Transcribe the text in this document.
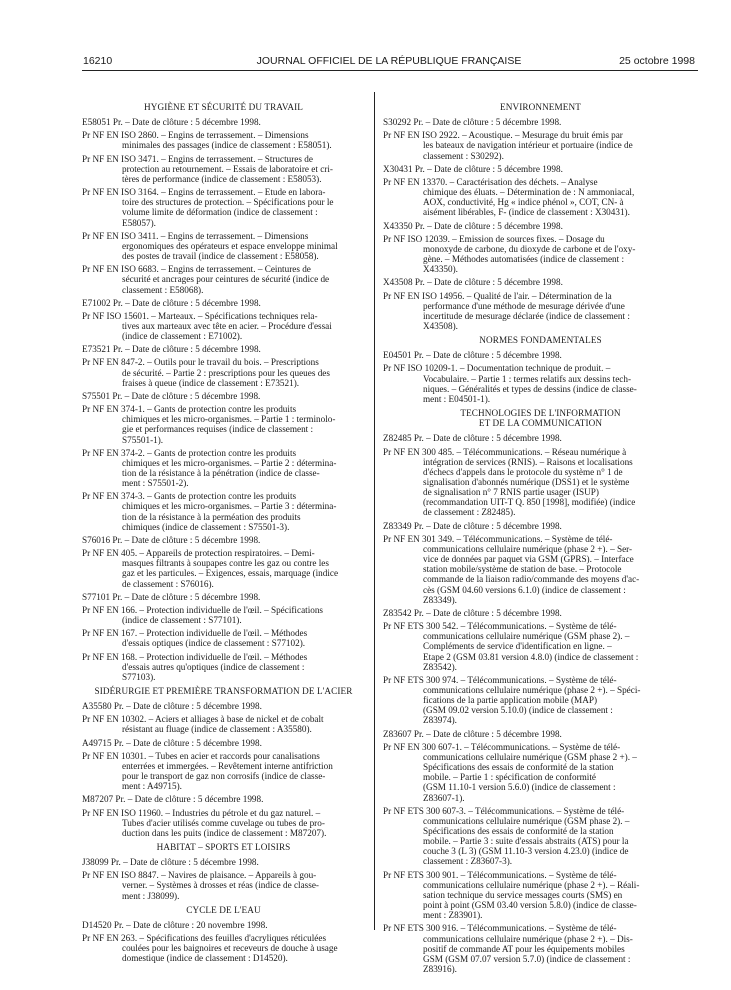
16210	JOURNAL OFFICIEL DE LA RÉPUBLIQUE FRANÇAISE	25 octobre 1998
HYGIÈNE ET SÉCURITÉ DU TRAVAIL
E58051 Pr. – Date de clôture : 5 décembre 1998.
Pr NF EN ISO 2860. – Engins de terrassement. – Dimensions
minimales des passages (indice de classement : E58051).
Pr NF EN ISO 3471. – Engins de terrassement. – Structures de
protection au retournement. – Essais de laboratoire et cri-
tères de performance (indice de classement : E58053).
Pr NF EN ISO 3164. – Engins de terrassement. – Etude en labora-
toire des structures de protection. – Spécifications pour le
volume limite de déformation (indice de classement :
E58057).
Pr NF EN ISO 3411. – Engins de terrassement. – Dimensions
ergonomiques des opérateurs et espace enveloppe minimal
des postes de travail (indice de classement : E58058).
Pr NF EN ISO 6683. – Engins de terrassement. – Ceintures de
sécurité et ancrages pour ceintures de sécurité (indice de
classement : E58068).
E71002 Pr. – Date de clôture : 5 décembre 1998.
Pr NF ISO 15601. – Marteaux. – Spécifications techniques rela-
tives aux marteaux avec tête en acier. – Procédure d'essai
(indice de classement : E71002).
E73521 Pr. – Date de clôture : 5 décembre 1998.
Pr NF EN 847-2. – Outils pour le travail du bois. – Prescriptions
de sécurité. – Partie 2 : prescriptions pour les queues des
fraises à queue (indice de classement : E73521).
S75501 Pr. – Date de clôture : 5 décembre 1998.
Pr NF EN 374-1. – Gants de protection contre les produits
chimiques et les micro-organismes. – Partie 1 : terminolo-
gie et performances requises (indice de classement :
S75501-1).
Pr NF EN 374-2. – Gants de protection contre les produits
chimiques et les micro-organismes. – Partie 2 : détermina-
tion de la résistance à la pénétration (indice de classe-
ment : S75501-2).
Pr NF EN 374-3. – Gants de protection contre les produits
chimiques et les micro-organismes. – Partie 3 : détermina-
tion de la résistance à la perméation des produits
chimiques (indice de classement : S75501-3).
S76016 Pr. – Date de clôture : 5 décembre 1998.
Pr NF EN 405. – Appareils de protection respiratoires. – Demi-
masques filtrants à soupapes contre les gaz ou contre les
gaz et les particules. – Exigences, essais, marquage (indice
de classement : S76016).
S77101 Pr. – Date de clôture : 5 décembre 1998.
Pr NF EN 166. – Protection individuelle de l'œil. – Spécifications
(indice de classement : S77101).
Pr NF EN 167. – Protection individuelle de l'œil. – Méthodes
d'essais optiques (indice de classement : S77102).
Pr NF EN 168. – Protection individuelle de l'œil. – Méthodes
d'essais autres qu'optiques (indice de classement :
S77103).
SIDÉRURGIE ET PREMIÈRE TRANSFORMATION DE L'ACIER
A35580 Pr. – Date de clôture : 5 décembre 1998.
Pr NF EN 10302. – Aciers et alliages à base de nickel et de cobalt
résistant au fluage (indice de classement : A35580).
A49715 Pr. – Date de clôture : 5 décembre 1998.
Pr NF EN 10301. – Tubes en acier et raccords pour canalisations
enterrées et immergées. – Revêtement interne antifriction
pour le transport de gaz non corrosifs (indice de classe-
ment : A49715).
M87207 Pr. – Date de clôture : 5 décembre 1998.
Pr NF EN ISO 11960. – Industries du pétrole et du gaz naturel. –
Tubes d'acier utilisés comme cuvelage ou tubes de pro-
duction dans les puits (indice de classement : M87207).
HABITAT – SPORTS ET LOISIRS
J38099 Pr. – Date de clôture : 5 décembre 1998.
Pr NF EN ISO 8847. – Navires de plaisance. – Appareils à gou-
verner. – Systèmes à drosses et réas (indice de classe-
ment : J38099).
CYCLE DE L'EAU
D14520 Pr. – Date de clôture : 20 novembre 1998.
Pr NF EN 263. – Spécifications des feuilles d'acryliques réticulées
coulées pour les baignoires et receveurs de douche à usage
domestique (indice de classement : D14520).
ENVIRONNEMENT
S30292 Pr. – Date de clôture : 5 décembre 1998.
Pr NF EN ISO 2922. – Acoustique. – Mesurage du bruit émis par
les bateaux de navigation intérieur et portuaire (indice de
classement : S30292).
X30431 Pr. – Date de clôture : 5 décembre 1998.
Pr NF EN 13370. – Caractérisation des déchets. – Analyse
chimique des éluats. – Détermination de : N ammoniacal,
AOX, conductivité, Hg « indice phénol », COT, CN- à
aisément libérables, F- (indice de classement : X30431).
X43350 Pr. – Date de clôture : 5 décembre 1998.
Pr NF ISO 12039. – Emission de sources fixes. – Dosage du
monoxyde de carbone, du dioxyde de carbone et de l'oxy-
gène. – Méthodes automatisées (indice de classement :
X43350).
X43508 Pr. – Date de clôture : 5 décembre 1998.
Pr NF EN ISO 14956. – Qualité de l'air. – Détermination de la
performance d'une méthode de mesurage dérivée d'une
incertitude de mesurage déclarée (indice de classement :
X43508).
NORMES FONDAMENTALES
E04501 Pr. – Date de clôture : 5 décembre 1998.
Pr NF ISO 10209-1. – Documentation technique de produit. –
Vocabulaire. – Partie 1 : termes relatifs aux dessins tech-
niques. – Généralités et types de dessins (indice de classe-
ment : E04501-1).
TECHNOLOGIES DE L'INFORMATION
ET DE LA COMMUNICATION
Z82485 Pr. – Date de clôture : 5 décembre 1998.
Pr NF EN 300 485. – Télécommunications. – Réseau numérique à
intégration de services (RNIS). – Raisons et localisations
d'échecs d'appels dans le protocole du système n° 1 de
signalisation d'abonnés numérique (DSS1) et le système
de signalisation n° 7 RNIS partie usager (ISUP)
(recommandation UIT-T Q. 850 [1998], modifiée) (indice
de classement : Z82485).
Z83349 Pr. – Date de clôture : 5 décembre 1998.
Pr NF EN 301 349. – Télécommunications. – Système de télé-
communications cellulaire numérique (phase 2 +). – Ser-
vice de données par paquet via GSM (GPRS). – Interface
station mobile/système de station de base. – Protocole
commande de la liaison radio/commande des moyens d'ac-
cès (GSM 04.60 versions 6.1.0) (indice de classement :
Z83349).
Z83542 Pr. – Date de clôture : 5 décembre 1998.
Pr NF ETS 300 542. – Télécommunications. – Système de télé-
communications cellulaire numérique (GSM phase 2). –
Compléments de service d'identification en ligne. –
Etape 2 (GSM 03.81 version 4.8.0) (indice de classement :
Z83542).
Pr NF ETS 300 974. – Télécommunications. – Système de télé-
communications cellulaire numérique (phase 2 +). – Spéci-
fications de la partie application mobile (MAP)
(GSM 09.02 version 5.10.0) (indice de classement :
Z83974).
Z83607 Pr. – Date de clôture : 5 décembre 1998.
Pr NF EN 300 607-1. – Télécommunications. – Système de télé-
communications cellulaire numérique (GSM phase 2 +). –
Spécifications des essais de conformité de la station
mobile. – Partie 1 : spécification de conformité
(GSM 11.10-1 version 5.6.0) (indice de classement :
Z83607-1).
Pr NF ETS 300 607-3. – Télécommunications. – Système de télé-
communications cellulaire numérique (GSM phase 2). –
Spécifications des essais de conformité de la station
mobile. – Partie 3 : suite d'essais abstraits (ATS) pour la
couche 3 (L 3) (GSM 11.10-3 version 4.23.0) (indice de
classement : Z83607-3).
Pr NF ETS 300 901. – Télécommunications. – Système de télé-
communications cellulaire numérique (phase 2 +). – Réali-
sation technique du service messages courts (SMS) en
point à point (GSM 03.40 version 5.8.0) (indice de classe-
ment : Z83901).
Pr NF ETS 300 916. – Télécommunications. – Système de télé-
communications cellulaire numérique (phase 2 +). – Dis-
positif de commande AT pour les équipements mobiles
GSM (GSM 07.07 version 5.7.0) (indice de classement :
Z83916).
